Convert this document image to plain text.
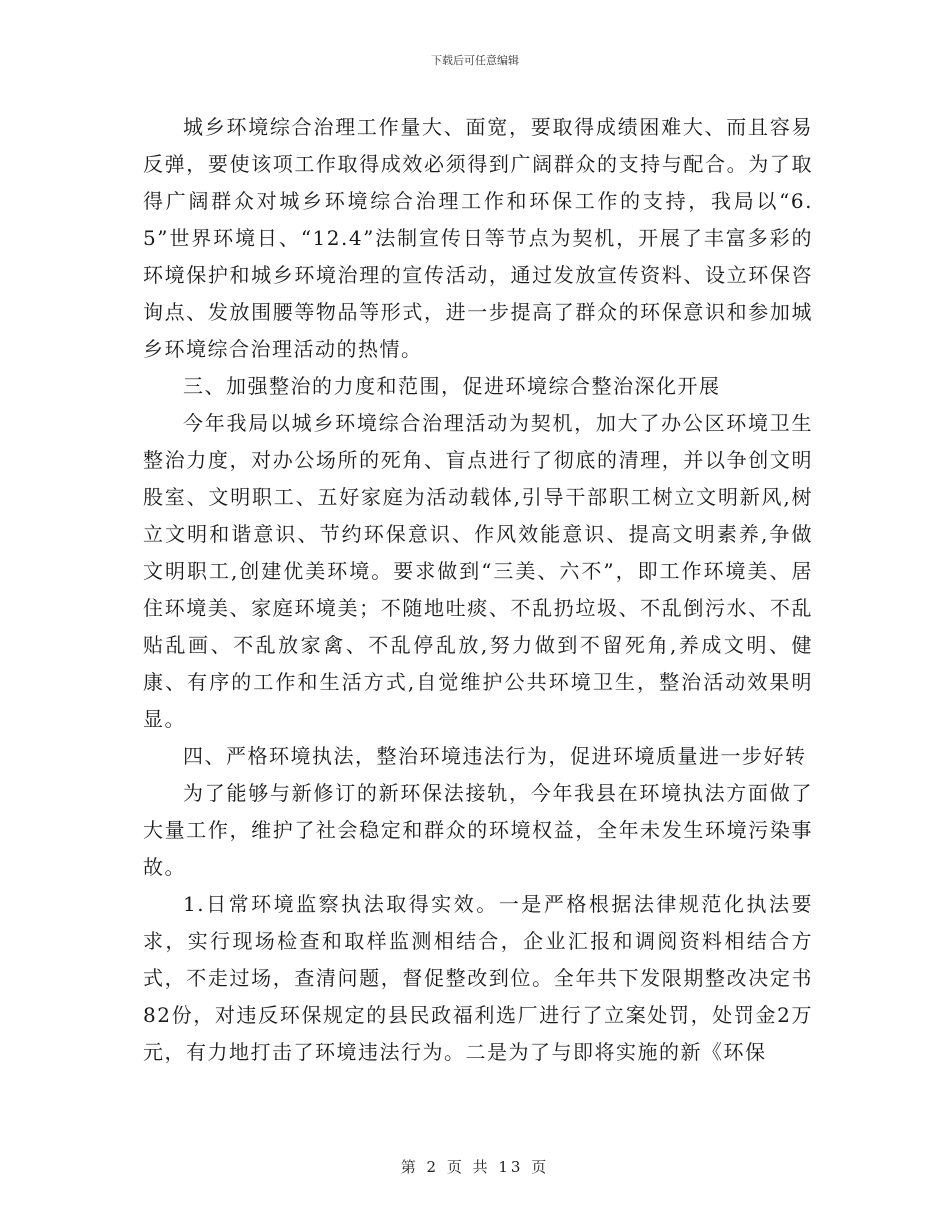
下载后可任意编辑

城乡环境综合治理工作量大、面宽，要取得成绩困难大、而且容易反弹，要使该项工作取得成效必须得到广阔群众的支持与配合。为了取得广阔群众对城乡环境综合治理工作和环保工作的支持，我局以“6.5”世界环境日、“12.4”法制宣传日等节点为契机，开展了丰富多彩的环境保护和城乡环境治理的宣传活动，通过发放宣传资料、设立环保咨询点、发放围腰等物品等形式，进一步提高了群众的环保意识和参加城乡环境综合治理活动的热情。

三、加强整治的力度和范围，促进环境综合整治深化开展

今年我局以城乡环境综合治理活动为契机，加大了办公区环境卫生整治力度，对办公场所的死角、盲点进行了彻底的清理，并以争创文明股室、文明职工、五好家庭为活动载体,引导干部职工树立文明新风,树立文明和谐意识、节约环保意识、作风效能意识、提高文明素养,争做文明职工,创建优美环境。要求做到“三美、六不”，即工作环境美、居住环境美、家庭环境美；不随地吐痰、不乱扔垃圾、不乱倒污水、不乱贴乱画、不乱放家禽、不乱停乱放,努力做到不留死角,养成文明、健康、有序的工作和生活方式,自觉维护公共环境卫生，整治活动效果明显。

四、严格环境执法，整治环境违法行为，促进环境质量进一步好转

为了能够与新修订的新环保法接轨，今年我县在环境执法方面做了大量工作，维护了社会稳定和群众的环境权益，全年未发生环境污染事故。

1.日常环境监察执法取得实效。一是严格根据法律规范化执法要求，实行现场检查和取样监测相结合，企业汇报和调阅资料相结合方式，不走过场，查清问题，督促整改到位。全年共下发限期整改决定书82份，对违反环保规定的县民政福利选厂进行了立案处罚，处罚金2万元，有力地打击了环境违法行为。二是为了与即将实施的新《环保

第 2 页 共 13 页
